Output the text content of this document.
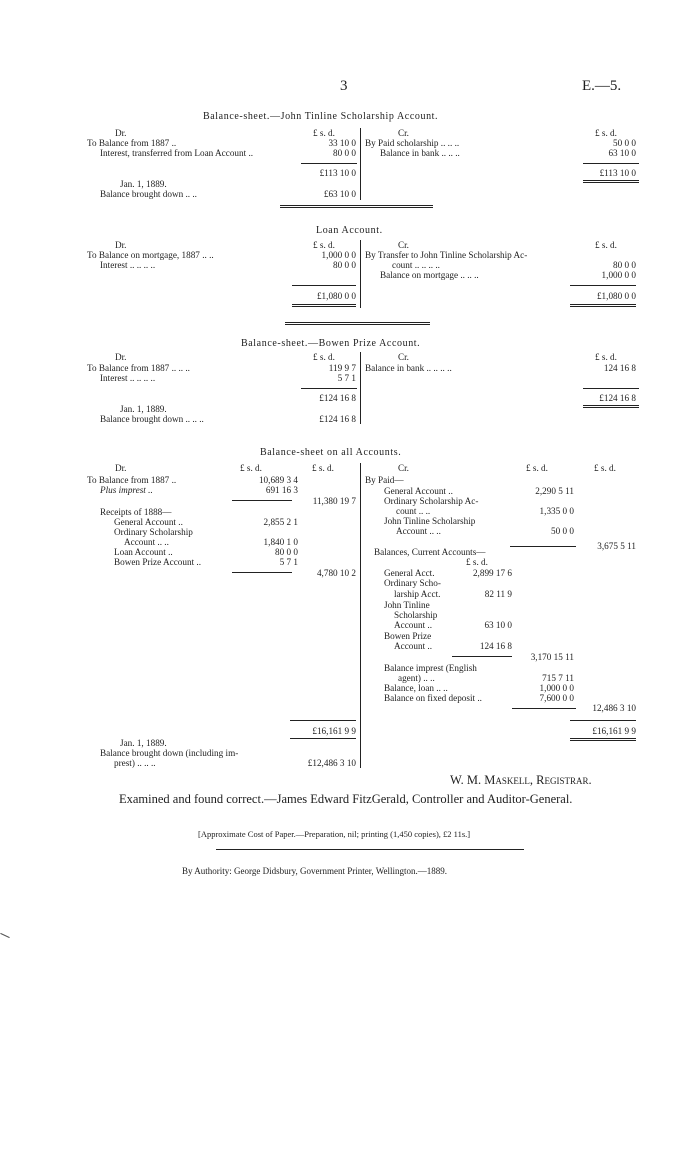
3	E.—5.
Balance-sheet.—John Tinline Scholarship Account.
Dr.	£ s. d.	Cr.	£ s. d.
To Balance from 1887 ..	33 10 0
Interest, transferred from Loan Account ..	80 0 0
£113 10 0
Jan. 1, 1889.
Balance brought down .. ..	£63 10 0
By Paid scholarship .. .. ..	50 0 0
Balance in bank .. .. ..	63 10 0
£113 10 0
Loan Account.
Dr.	£ s. d.	Cr.	£ s. d.
To Balance on mortgage, 1887 .. ..	1,000 0 0
Interest .. .. .. ..	80 0 0
£1,080 0 0
By Transfer to John Tinline Scholarship Ac-
count .. .. .. ..	80 0 0
Balance on mortgage .. .. ..	1,000 0 0
£1,080 0 0
Balance-sheet.—Bowen Prize Account.
Dr.	£ s. d.	Cr.	£ s. d.
To Balance from 1887 .. .. ..	119 9 7
Interest .. .. .. ..	5 7 1
£124 16 8
Jan. 1, 1889.
Balance brought down .. .. ..	£124 16 8
Balance in bank .. .. .. ..	124 16 8
£124 16 8
Balance-sheet on all Accounts.
Dr.	£ s. d.	£ s. d.	Cr.	£ s. d.	£ s. d.
To Balance from 1887 ..	10,689 3 4
Plus imprest ..	691 16 3
11,380 19 7
Receipts of 1888—
General Account ..	2,855 2 1
Ordinary Scholarship
Account .. ..	1,840 1 0
Loan Account ..	80 0 0
Bowen Prize Account ..	5 7 1
4,780 10 2
£16,161 9 9
Jan. 1, 1889.
Balance brought down (including im-
prest) .. .. ..	£12,486 3 10
By Paid—
General Account ..	2,290 5 11
Ordinary Scholarship Ac-
count .. ..	1,335 0 0
John Tinline Scholarship
Account .. ..	50 0 0
3,675 5 11
Balances, Current Accounts—
£ s. d.
General Acct.	2,899 17 6
Ordinary Scho-
larship Acct.	82 11 9
John Tinline
Scholarship
Account ..	63 10 0
Bowen Prize
Account ..	124 16 8
3,170 15 11
Balance imprest (English
agent) .. ..	715 7 11
Balance, loan .. ..	1,000 0 0
Balance on fixed deposit ..	7,600 0 0
12,486 3 10
£16,161 9 9
W. M. Maskell, Registrar.
Examined and found correct.—James Edward FitzGerald, Controller and Auditor-General.
[Approximate Cost of Paper.—Preparation, nil; printing (1,450 copies), £2 11s.]
By Authority: George Didsbury, Government Printer, Wellington.—1889.
